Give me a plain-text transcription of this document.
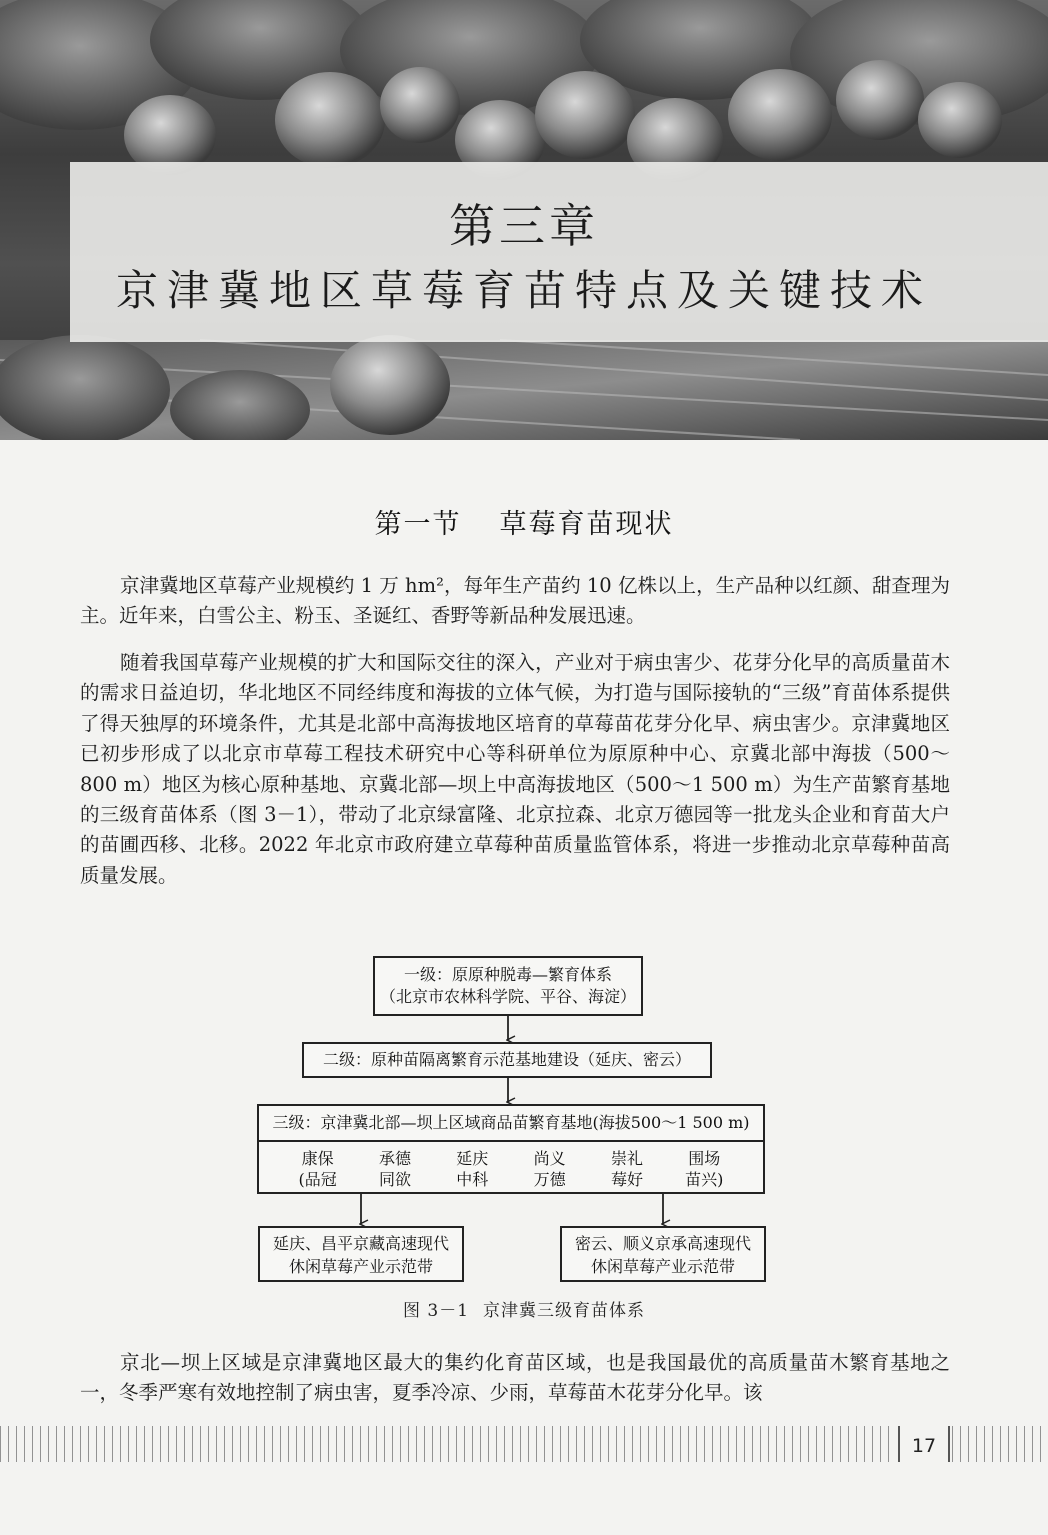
第三章
京津冀地区草莓育苗特点及关键技术
第一节 草莓育苗现状

京津冀地区草莓产业规模约 1 万 hm²，每年生产苗约 10 亿株以上，生产品种以红颜、甜查理为主。近年来，白雪公主、粉玉、圣诞红、香野等新品种发展迅速。

随着我国草莓产业规模的扩大和国际交往的深入，产业对于病虫害少、花芽分化早的高质量苗木的需求日益迫切，华北地区不同经纬度和海拔的立体气候，为打造与国际接轨的“三级”育苗体系提供了得天独厚的环境条件，尤其是北部中高海拔地区培育的草莓苗花芽分化早、病虫害少。京津冀地区已初步形成了以北京市草莓工程技术研究中心等科研单位为原原种中心、京冀北部中海拔（500～800 m）地区为核心原种基地、京冀北部—坝上中高海拔地区（500～1 500 m）为生产苗繁育基地的三级育苗体系（图 3－1），带动了北京绿富隆、北京拉森、北京万德园等一批龙头企业和育苗大户的苗圃西移、北移。2022 年北京市政府建立草莓种苗质量监管体系，将进一步推动北京草莓种苗高质量发展。

一级：原原种脱毒—繁育体系
（北京市农林科学院、平谷、海淀）
二级：原种苗隔离繁育示范基地建设（延庆、密云）
三级：京津冀北部—坝上区域商品苗繁育基地(海拔500～1 500 m)
康保
(品冠
承德
同欲
延庆
中科
尚义
万德
崇礼
莓好
围场
苗兴)
延庆、昌平京藏高速现代
休闲草莓产业示范带
密云、顺义京承高速现代
休闲草莓产业示范带
图 3－1 京津冀三级育苗体系

京北—坝上区域是京津冀地区最大的集约化育苗区域，也是我国最优的高质量苗木繁育基地之一，冬季严寒有效地控制了病虫害，夏季冷凉、少雨，草莓苗木花芽分化早。该

17
